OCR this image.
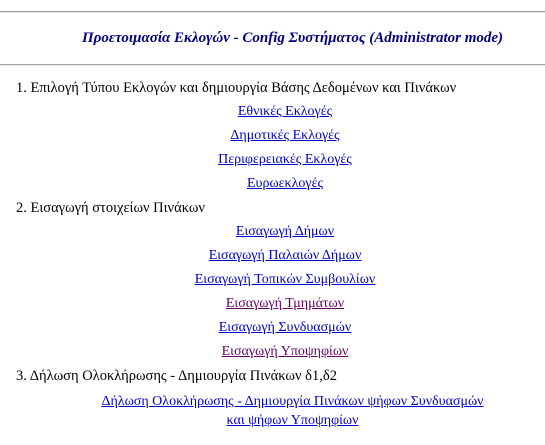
Προετοιμασία Εκλογών - Config Συστήματος (Administrator mode)
1. Επιλογή Τύπου Εκλογών και δημιουργία Βάσης Δεδομένων και Πινάκων
Εθνικές Εκλογές
Δημοτικές Εκλογές
Περιφερειακές Εκλογές
Ευρωεκλογές
2. Εισαγωγή στοιχείων Πινάκων
Εισαγωγή Δήμων
Εισαγωγή Παλαιών Δήμων
Εισαγωγή Τοπικών Συμβουλίων
Εισαγωγή Τμημάτων
Εισαγωγή Συνδυασμών
Εισαγωγή Υποψηφίων
3. Δήλωση Ολοκλήρωσης - Δημιουργία Πινάκων δ1,δ2
Δήλωση Ολοκλήρωσης - Δημιουργία Πινάκων ψήφων Συνδυασμών
και ψήφων Υποψηφίων
